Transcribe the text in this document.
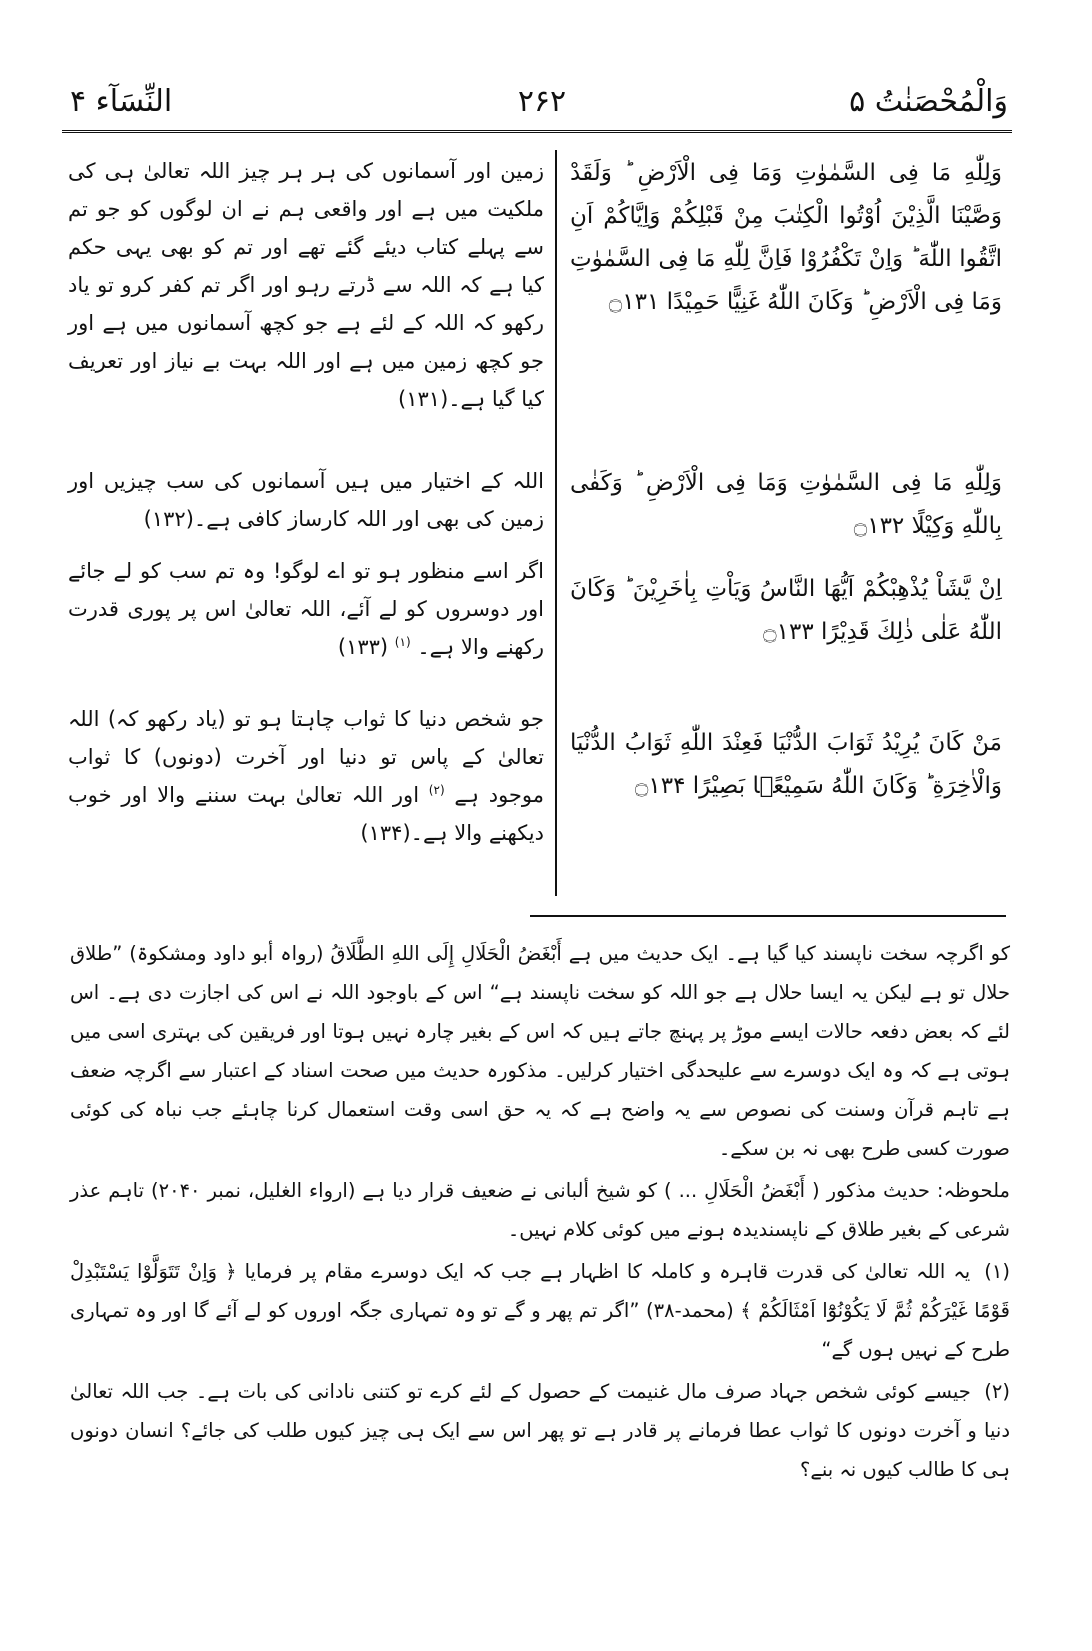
وَالْمُحْصَنٰتُ ۵
۲۶۲
النِّسَآء ۴
وَلِلّٰهِ مَا فِی السَّمٰوٰتِ وَمَا فِی الْاَرْضِ ؕ وَلَقَدْ وَصَّیْنَا الَّذِیْنَ اُوْتُوا الْكِتٰبَ مِنْ قَبْلِكُمْ وَاِیَّاكُمْ اَنِ اتَّقُوا اللّٰهَ ؕ وَاِنْ تَكْفُرُوْا فَاِنَّ لِلّٰهِ مَا فِی السَّمٰوٰتِ وَمَا فِی الْاَرْضِ ؕ وَكَانَ اللّٰهُ غَنِیًّا حَمِیْدًا ۝۱۳۱
زمین اور آسمانوں کی ہر ہر چیز اللہ تعالیٰ ہی کی ملکیت میں ہے اور واقعی ہم نے ان لوگوں کو جو تم سے پہلے کتاب دیئے گئے تھے اور تم کو بھی یہی حکم کیا ہے کہ اللہ سے ڈرتے رہو اور اگر تم کفر کرو تو یاد رکھو کہ اللہ کے لئے ہے جو کچھ آسمانوں میں ہے اور جو کچھ زمین میں ہے اور اللہ بہت بے نیاز اور تعریف کیا گیا ہے۔(۱۳۱)
وَلِلّٰهِ مَا فِی السَّمٰوٰتِ وَمَا فِی الْاَرْضِ ؕ وَكَفٰی بِاللّٰهِ وَكِیْلًا ۝۱۳۲
اللہ کے اختیار میں ہیں آسمانوں کی سب چیزیں اور زمین کی بھی اور اللہ کارساز کافی ہے۔(۱۳۲)
اِنْ یَّشَاْ یُذْهِبْكُمْ اَیُّهَا النَّاسُ وَیَاْتِ بِاٰخَرِیْنَ ؕ وَكَانَ اللّٰهُ عَلٰی ذٰلِكَ قَدِیْرًا ۝۱۳۳
اگر اسے منظور ہو تو اے لوگو! وہ تم سب کو لے جائے اور دوسروں کو لے آئے، اللہ تعالیٰ اس پر پوری قدرت رکھنے والا ہے۔ $^{(۱)}$ (۱۳۳)
مَنْ كَانَ یُرِیْدُ ثَوَابَ الدُّنْیَا فَعِنْدَ اللّٰهِ ثَوَابُ الدُّنْیَا وَالْاٰخِرَةِ ؕ وَكَانَ اللّٰهُ سَمِیْعًۢا بَصِیْرًا ۝۱۳۴
جو شخص دنیا کا ثواب چاہتا ہو تو (یاد رکھو کہ) اللہ تعالیٰ کے پاس تو دنیا اور آخرت (دونوں) کا ثواب موجود ہے $^{(۲)}$ اور اللہ تعالیٰ بہت سننے والا اور خوب دیکھنے والا ہے۔(۱۳۴)

کو اگرچہ سخت ناپسند کیا گیا ہے۔ ایک حدیث میں ہے أَبْغَضُ الْحَلَالِ إِلَى اللهِ الطَّلَاقُ (رواہ أبو داود ومشکوۃ) ”طلاق حلال تو ہے لیکن یہ ایسا حلال ہے جو اللہ کو سخت ناپسند ہے“ اس کے باوجود اللہ نے اس کی اجازت دی ہے۔ اس لئے کہ بعض دفعہ حالات ایسے موڑ پر پہنچ جاتے ہیں کہ اس کے بغیر چارہ نہیں ہوتا اور فریقین کی بہتری اسی میں ہوتی ہے کہ وہ ایک دوسرے سے علیحدگی اختیار کرلیں۔ مذکورہ حدیث میں صحت اسناد کے اعتبار سے اگرچہ ضعف ہے تاہم قرآن وسنت کی نصوص سے یہ واضح ہے کہ یہ حق اسی وقت استعمال کرنا چاہئے جب نباہ کی کوئی صورت کسی طرح بھی نہ بن سکے۔

ملحوظہ: حدیث مذکور ( أَبْغَضُ الْحَلَالِ ... ) کو شیخ ألبانی نے ضعیف قرار دیا ہے (ارواء الغلیل، نمبر ۲۰۴۰) تاہم عذر شرعی کے بغیر طلاق کے ناپسندیدہ ہونے میں کوئی کلام نہیں۔

(۱) یہ اللہ تعالیٰ کی قدرت قاہرہ و کاملہ کا اظہار ہے جب کہ ایک دوسرے مقام پر فرمایا ﴿ وَاِنْ تَتَوَلَّوْا یَسْتَبْدِلْ قَوْمًا غَیْرَكُمْ ثُمَّ لَا یَكُوْنُوْٓا اَمْثَالَكُمْ ﴾ (محمد-۳۸) ”اگر تم پھر و گے تو وہ تمہاری جگہ اوروں کو لے آئے گا اور وہ تمہاری طرح کے نہیں ہوں گے“

(۲) جیسے کوئی شخص جہاد صرف مال غنیمت کے حصول کے لئے کرے تو کتنی نادانی کی بات ہے۔ جب اللہ تعالیٰ دنیا و آخرت دونوں کا ثواب عطا فرمانے پر قادر ہے تو پھر اس سے ایک ہی چیز کیوں طلب کی جائے؟ انسان دونوں ہی کا طالب کیوں نہ بنے؟
